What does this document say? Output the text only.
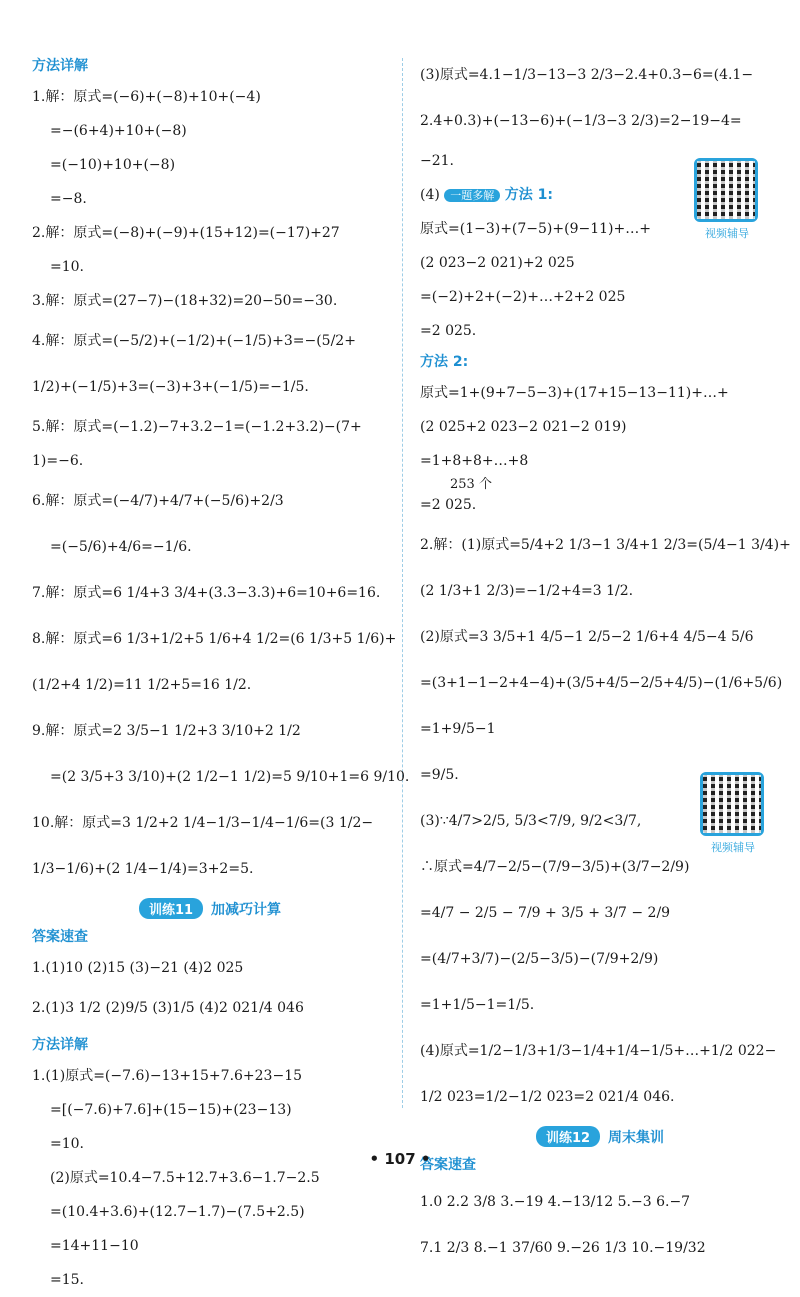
方法详解
1.解：原式=(−6)+(−8)+10+(−4)
=−(6+4)+10+(−8)
=(−10)+10+(−8)
=−8.
2.解：原式=(−8)+(−9)+(15+12)=(−17)+27
=10.
3.解：原式=(27−7)−(18+32)=20−50=−30.
4.解：原式=(−5/2)+(−1/2)+(−1/5)+3=−(5/2+
1/2)+(−1/5)+3=(−3)+3+(−1/5)=−1/5.
5.解：原式=(−1.2)−7+3.2−1=(−1.2+3.2)−(7+
1)=−6.
6.解：原式=(−4/7)+4/7+(−5/6)+2/3
=(−5/6)+4/6=−1/6.
7.解：原式=6 1/4+3 3/4+(3.3−3.3)+6=10+6=16.
8.解：原式=6 1/3+1/2+5 1/6+4 1/2=(6 1/3+5 1/6)+
(1/2+4 1/2)=11 1/2+5=16 1/2.
9.解：原式=2 3/5−1 1/2+3 3/10+2 1/2
=(2 3/5+3 3/10)+(2 1/2−1 1/2)=5 9/10+1=6 9/10.
10.解：原式=3 1/2+2 1/4−1/3−1/4−1/6=(3 1/2−
1/3−1/6)+(2 1/4−1/4)=3+2=5.
训练11	加减巧计算
答案速查
1.(1)10 (2)15 (3)−21 (4)2 025
2.(1)3 1/2 (2)9/5 (3)1/5 (4)2 021/4 046
方法详解
1.(1)原式=(−7.6)−13+15+7.6+23−15
=[(−7.6)+7.6]+(15−15)+(23−13)
=10.
(2)原式=10.4−7.5+12.7+3.6−1.7−2.5
=(10.4+3.6)+(12.7−1.7)−(7.5+2.5)
=14+11−10
=15.
(3)原式=4.1−1/3−13−3 2/3−2.4+0.3−6=(4.1−
2.4+0.3)+(−13−6)+(−1/3−3 2/3)=2−19−4=
−21.
(4) 一题多解 方法 1:
原式=(1−3)+(7−5)+(9−11)+…+
(2 023−2 021)+2 025
=(−2)+2+(−2)+…+2+2 025
=2 025.
方法 2:
原式=1+(9+7−5−3)+(17+15−13−11)+…+
(2 025+2 023−2 021−2 019)
=1+8+8+…+8
253 个
=2 025.
2.解：(1)原式=5/4+2 1/3−1 3/4+1 2/3=(5/4−1 3/4)+
(2 1/3+1 2/3)=−1/2+4=3 1/2.
(2)原式=3 3/5+1 4/5−1 2/5−2 1/6+4 4/5−4 5/6
=(3+1−1−2+4−4)+(3/5+4/5−2/5+4/5)−(1/6+5/6)
=1+9/5−1
=9/5.
(3)∵4/7>2/5, 5/3<7/9, 9/2<3/7,
∴原式=4/7−2/5−(7/9−3/5)+(3/7−2/9)
=4/7 − 2/5 − 7/9 + 3/5 + 3/7 − 2/9
=(4/7+3/7)−(2/5−3/5)−(7/9+2/9)
=1+1/5−1=1/5.
(4)原式=1/2−1/3+1/3−1/4+1/4−1/5+…+1/2 022−
1/2 023=1/2−1/2 023=2 021/4 046.
训练12	周末集训
答案速查
1.0 2.2 3/8 3.−19 4.−13/12 5.−3 6.−7
7.1 2/3 8.−1 37/60 9.−26 1/3 10.−19/32
视频辅导
视频辅导
• 107 •
